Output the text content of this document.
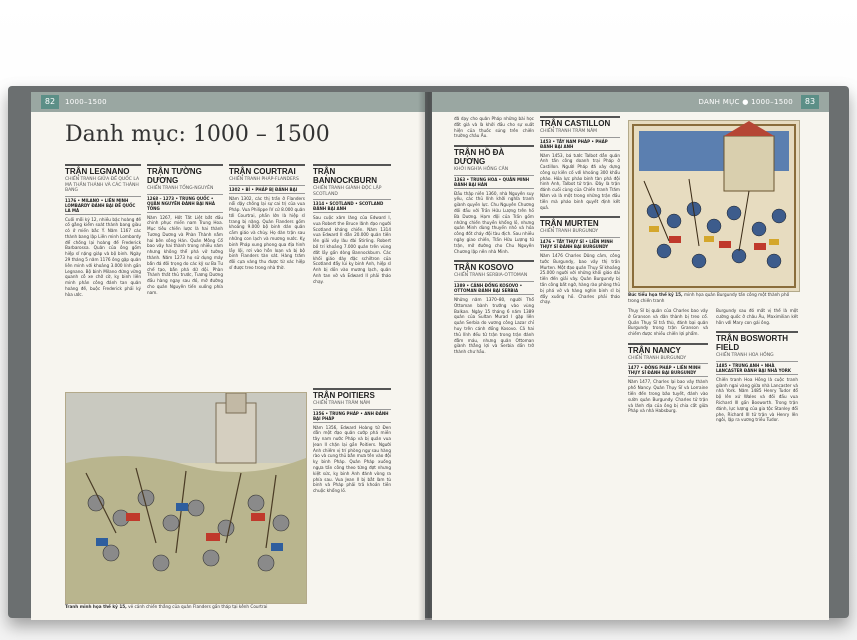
82	1000–1500
Danh mục: 1000 – 1500
TRẬN LEGNANO
CHIẾN TRANH GIỮA ĐẾ QUỐC LA MÃ THẦN THÁNH VÀ CÁC THÀNH BANG
1176 • MILANO • LIÊN MINH LOMBARDY ĐÁNH BẠI ĐẾ QUỐC LA MÃ
Cuối mỗi kỷ 12, nhiều bậc hoàng đế cố gắng kiểm soát thành bang giàu có ở miền bắc Ý. Năm 1167 các thành bang lập Liên minh Lombardy để chống lại hoàng đế Frederick Barbarossa. Quân của ông gồm hiệp sĩ nặng giáp và bộ binh. Ngày 29 tháng 5 năm 1176 ông gặp quân liên minh với khoảng 3.000 lính gần Legnano. Bộ binh Milano đứng vững quanh cỗ xe chở cờ, kỵ binh liên minh phản công đánh tan quân hoàng đế, buộc Frederick phải ký hòa ước.
TRẬN TƯỜNG DƯƠNG
CHIẾN TRANH TỐNG-NGUYÊN
1268 – 1273 • TRUNG QUỐC • QUÂN NGUYÊN ĐÁNH BẠI NHÀ TỐNG
Năm 1267, Hốt Tất Liệt bắt đầu chinh phục miền nam Trung Hoa. Mục tiêu chiến lược là hai thành Tương Dương và Phàn Thành nằm hai bên sông Hán. Quân Mông Cổ bao vây hai thành trong nhiều năm nhưng không thể phá vỡ tường thành. Năm 1273 họ sử dụng máy bắn đá đối trọng do các kỹ sư Ba Tư chế tạo, bắn phá dữ dội. Phàn Thành thất thủ trước, Tương Dương đầu hàng ngay sau đó, mở đường cho quân Nguyên tiến xuống phía nam.
TRẬN COURTRAI
CHIẾN TRANH PHÁP-FLANDERS
1302 • BỈ • PHÁP BỊ ĐÁNH BẠI
Năm 1302, các thị trấn ở Flanders nổi dậy chống lại sự cai trị của vua Pháp. Vua Philippe IV cử 8.000 quân tới Courtrai, phần lớn là hiệp sĩ trang bị nặng. Quân Flanders gồm khoảng 9.000 bộ binh dân quân cầm giáo và chùy. Họ dàn trận sau những con lạch và mương nước. Kỵ binh Pháp xung phong qua địa hình lầy lội, rơi vào hỗn loạn và bị bộ binh Flanders tàn sát. Hàng trăm đôi cựa vàng thu được từ xác hiệp sĩ được treo trong nhà thờ.
TRẬN BANNOCKBURN
CHIẾN TRANH GIÀNH ĐỘC LẬP SCOTLAND
1314 • SCOTLAND • SCOTLAND ĐÁNH BẠI ANH
Sau cuộc xâm lăng của Edward I, vua Robert the Bruce lãnh đạo người Scotland kháng chiến. Năm 1314 vua Edward II dẫn 20.000 quân tiến lên giải vây lâu đài Stirling. Robert bố trí khoảng 7.000 quân trên vùng đất lầy gần dòng Bannockburn. Các khối giáo dày đặc schiltron của Scotland đẩy lùi kỵ binh Anh, hiệp sĩ Anh bị dồn vào mương lạch, quân Anh tan vỡ và Edward II phải tháo chạy.
TRẬN POITIERS
CHIẾN TRANH TRĂM NĂM
1356 • TRUNG PHÁP • ANH ĐÁNH BẠI PHÁP
Năm 1356, Edward Hoàng tử Đen dẫn một đạo quân cướp phá miền tây nam nước Pháp và bị quân vua Jean II chặn lại gần Poitiers. Người Anh chiếm vị trí phòng ngự sau hàng rào và cung thủ bắn mưa tên vào đội kỵ binh Pháp. Quân Pháp xuống ngựa tấn công theo từng đợt nhưng kiệt sức, kỵ binh Anh đánh vòng ra phía sau. Vua Jean II bị bắt làm tù binh và Pháp phải trả khoản tiền chuộc khổng lồ.
Tranh minh họa thế kỷ 15, vẽ cảnh chiến thắng của quân Flanders gần tháp tại kênh Courtrai
DANH MỤC ● 1000–1500	83
đã dạy cho quân Pháp những bài học đắt giá và là khởi đầu cho sự xuất hiện của thuốc súng trên chiến trường châu Âu.
TRẬN HỒ ĐÀ DƯƠNG
KHỞI NGHĨA HỒNG CÂN
1363 • TRUNG HOA • QUÂN MINH ĐÁNH BẠI HÁN
Đầu thập niên 1360, nhà Nguyên suy yếu, các thủ lĩnh khởi nghĩa tranh giành quyền lực. Chu Nguyên Chương đối đầu với Trần Hữu Lượng trên hồ Bà Dương. Hạm đội của Trần gồm những chiến thuyền khổng lồ, nhưng quân Minh dùng thuyền nhỏ và hỏa công đốt cháy đội tàu địch. Sau nhiều ngày giao chiến, Trần Hữu Lượng tử trận, mở đường cho Chu Nguyên Chương lập nên nhà Minh.
TRẬN KOSOVO
CHIẾN TRANH SERBIA-OTTOMAN
1389 • CÁNH ĐỒNG KOSOVO • OTTOMAN ĐÁNH BẠI SERBIA
Những năm 1370–80, người Thổ Ottoman bành trướng vào vùng Balkan. Ngày 15 tháng 6 năm 1389 quân của Sultan Murad I gặp liên quân Serbia do vương công Lazar chỉ huy trên cánh đồng Kosovo. Cả hai thủ lĩnh đều tử trận trong trận đánh đẫm máu, nhưng quân Ottoman giành thắng lợi và Serbia dần trở thành chư hầu.
TRẬN CASTILLON
CHIẾN TRANH TRĂM NĂM
1453 • TÂY NAM PHÁP • PHÁP ĐÁNH BẠI ANH
Năm 1453, bá tước Talbot dẫn quân Anh tấn công doanh trại Pháp ở Castillon. Người Pháp đã xây dựng công sự kiên cố với khoảng 300 khẩu pháo. Hỏa lực pháo binh tàn phá đội hình Anh, Talbot tử trận. Đây là trận đánh cuối cùng của Chiến tranh Trăm Năm và là một trong những trận đầu tiên mà pháo binh quyết định kết quả.
TRẬN MURTEN
CHIẾN TRANH BURGUNDY
1476 • TÂY THỤY SĨ • LIÊN MINH THỤY SĨ ĐÁNH BẠI BURGUNDY
Năm 1476 Charles Dũng cảm, công tước Burgundy, bao vây thị trấn Murten. Một đạo quân Thụy Sĩ khoảng 25.000 người với những khối giáo dài tiến đến giải vây. Quân Burgundy bị tấn công bất ngờ, hàng rào phòng thủ bị phá vỡ và hàng nghìn binh sĩ bị đẩy xuống hồ. Charles phải tháo chạy.
Bức tiểu họa thế kỷ 15, minh họa quân Burgundy tấn công một thành phố trong chiến tranh
Thụy Sĩ bị quân của Charles bao vây ở Granson và dân thành bị treo cổ. Quân Thụy Sĩ trả thù, đánh bại quân Burgundy trong trận Granson và chiếm được nhiều chiến lợi phẩm.
TRẬN NANCY
CHIẾN TRANH BURGUNDY
1477 • ĐÔNG PHÁP • LIÊN MINH THỤY SĨ ĐÁNH BẠI BURGUNDY
Năm 1477, Charles lại bao vây thành phố Nancy. Quân Thụy Sĩ và Lorraine tiến đến trong bão tuyết, đánh vào sườn quân Burgundy. Charles tử trận và lãnh địa của ông bị chia cắt giữa Pháp và nhà Habsburg.
Burgundy sau đó mất vị thế là một cường quốc ở châu Âu, Maximilian kết hôn với Mary con gái ông.
TRẬN BOSWORTH FIELD
CHIẾN TRANH HOA HỒNG
1485 • TRUNG ANH • NHÀ LANCASTER ĐÁNH BẠI NHÀ YORK
Chiến tranh Hoa Hồng là cuộc tranh giành ngai vàng giữa nhà Lancaster và nhà York. Năm 1485 Henry Tudor đổ bộ lên xứ Wales và đối đầu vua Richard III gần Bosworth. Trong trận đánh, lực lượng của gia tộc Stanley đổi phe, Richard III tử trận và Henry lên ngôi, lập ra vương triều Tudor.
